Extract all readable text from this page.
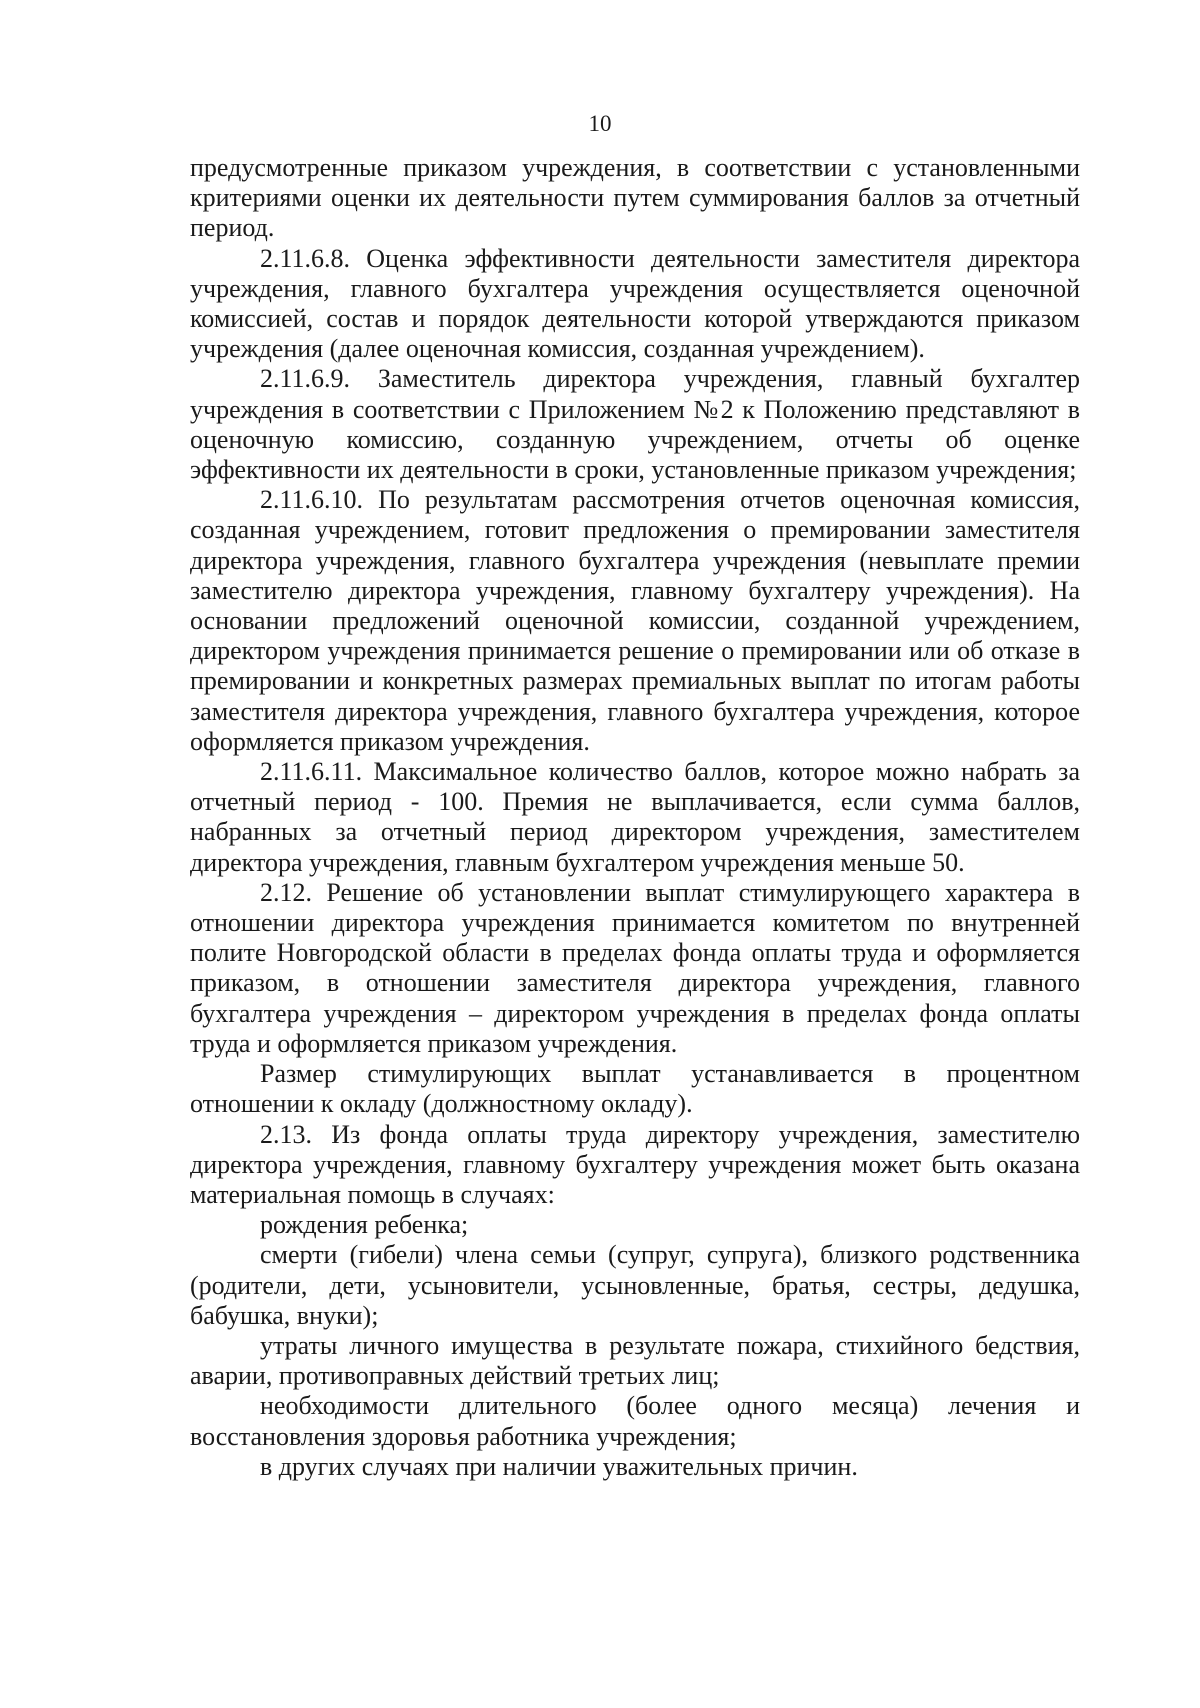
10

предусмотренные приказом учреждения, в соответствии с установленными критериями оценки их деятельности путем суммирования баллов за отчетный период.

2.11.6.8. Оценка эффективности деятельности заместителя директора учреждения, главного бухгалтера учреждения осуществляется оценочной комиссией, состав и порядок деятельности которой утверждаются приказом учреждения (далее оценочная комиссия, созданная учреждением).

2.11.6.9. Заместитель директора учреждения, главный бухгалтер учреждения в соответствии с Приложением №2 к Положению представляют в оценочную комиссию, созданную учреждением, отчеты об оценке эффективности их деятельности в сроки, установленные приказом учреждения;

2.11.6.10. По результатам рассмотрения отчетов оценочная комиссия, созданная учреждением, готовит предложения о премировании заместителя директора учреждения, главного бухгалтера учреждения (невыплате премии заместителю директора учреждения, главному бухгалтеру учреждения). На основании предложений оценочной комиссии, созданной учреждением, директором учреждения принимается решение о премировании или об отказе в премировании и конкретных размерах премиальных выплат по итогам работы заместителя директора учреждения, главного бухгалтера учреждения, которое оформляется приказом учреждения.

2.11.6.11. Максимальное количество баллов, которое можно набрать за отчетный период - 100. Премия не выплачивается, если сумма баллов, набранных за отчетный период директором учреждения, заместителем директора учреждения, главным бухгалтером учреждения меньше 50.

2.12. Решение об установлении выплат стимулирующего характера в отношении директора учреждения принимается комитетом по внутренней полите Новгородской области в пределах фонда оплаты труда и оформляется приказом, в отношении заместителя директора учреждения, главного бухгалтера учреждения – директором учреждения в пределах фонда оплаты труда и оформляется приказом учреждения.

Размер стимулирующих выплат устанавливается в процентном отношении к окладу (должностному окладу).

2.13. Из фонда оплаты труда директору учреждения, заместителю директора учреждения, главному бухгалтеру учреждения может быть оказана материальная помощь в случаях:

рождения ребенка;

смерти (гибели) члена семьи (супруг, супруга), близкого родственника (родители, дети, усыновители, усыновленные, братья, сестры, дедушка, бабушка, внуки);

утраты личного имущества в результате пожара, стихийного бедствия, аварии, противоправных действий третьих лиц;

необходимости длительного (более одного месяца) лечения и восстановления здоровья работника учреждения;

в других случаях при наличии уважительных причин.
